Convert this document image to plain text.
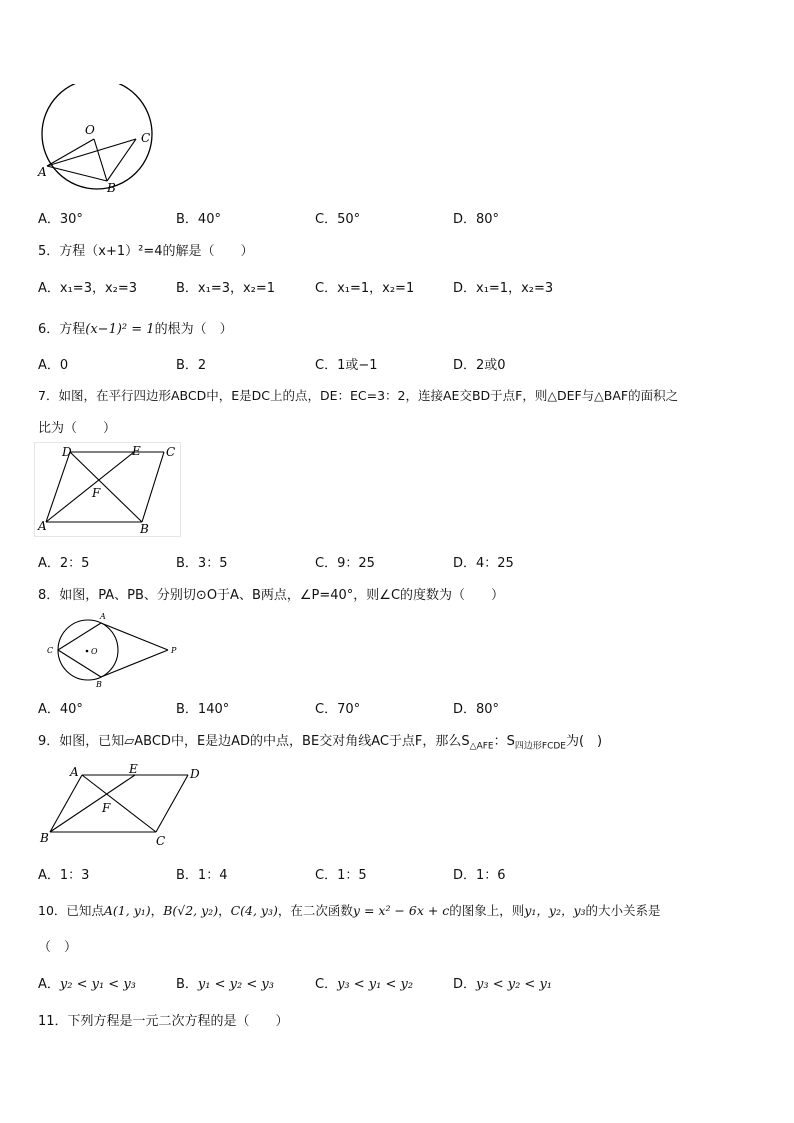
O
C
A
B
A．30°	B．40°	C．50°	D．80°
5．方程（x+1）²=4的解是（　　）
A．x₁=3，x₂=3	B．x₁=3，x₂=1	C．x₁=1，x₂=1	D．x₁=1，x₂=3
6．方程(x−1)² = 1的根为（　）
A．0	B．2	C．1或−1	D．2或0
7．如图，在平行四边形ABCD中，E是DC上的点，DE：EC=3：2，连接AE交BD于点F，则△DEF与△BAF的面积之
比为（　　）
D	E C
F
A	B
A．2：5	B．3：5	C．9：25	D．4：25
8．如图，PA、PB、分别切⊙O于A、B两点，∠P=40°，则∠C的度数为（　　）
A
C	O	P
B
A．40°	B．140°	C．70°	D．80°
9．如图，已知▱ABCD中，E是边AD的中点，BE交对角线AC于点F，那么$S_{\triangle AFE}$：$S_{四边形FCDE}$为(　)
A	E	D
F
B	C
A．1：3	B．1：4	C．1：5	D．1：6
10．已知点A(1, y₁)，B(√2, y₂)，C(4, y₃)，在二次函数y = x² − 6x + c的图象上，则y₁，y₂，y₃的大小关系是
（　）
A．y₂ < y₁ < y₃	B．y₁ < y₂ < y₃	C．y₃ < y₁ < y₂	D．y₃ < y₂ < y₁
11．下列方程是一元二次方程的是（　　）
